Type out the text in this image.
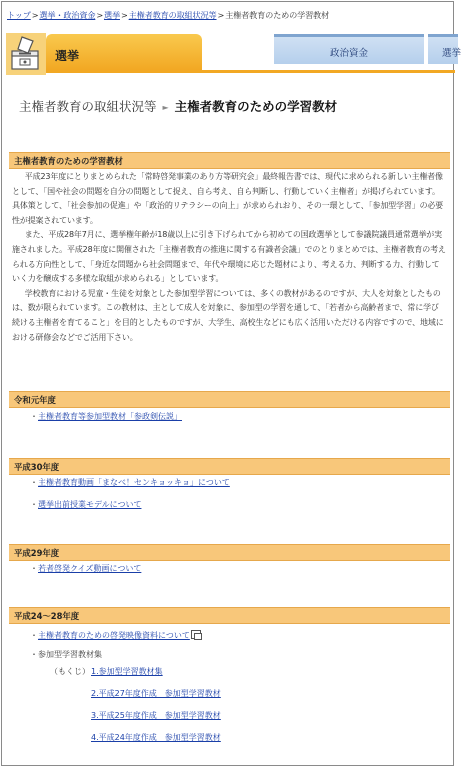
トップ>選挙・政治資金>選挙>主権者教育の取組状況等>主権者教育のための学習教材
選挙	政治資金	選挙
主権者教育の取組状況等 ► 主権者教育のための学習教材
主権者教育のための学習教材

平成23年度にとりまとめられた「常時啓発事業のあり方等研究会」最終報告書では、現代に求められる新しい主権者像として、「国や社会の問題を自分の問題として捉え、自ら考え、自ら判断し、行動していく主権者」が掲げられています。具体策として、「社会参加の促進」や「政治的リテラシーの向上」が求められおり、その一環として、「参加型学習」の必要性が提案されています。

また、平成28年7月に、選挙権年齢が18歳以上に引き下げられてから初めての国政選挙として参議院議員通常選挙が実施されました。平成28年度に開催された「主権者教育の推進に関する有識者会議」でのとりまとめでは、主権者教育の考えられる方向性として、「身近な問題から社会問題まで、年代や環境に応じた題材により、考える力、判断する力、行動していく力を醸成する多様な取組が求められる」としています。

学校教育における児童・生徒を対象とした参加型学習については、多くの教材があるのですが、大人を対象としたものは、数が限られています。この教材は、主として成人を対象に、参加型の学習を通して、「若者から高齢者まで、常に学び続ける主権者を育てること」を目的としたものですが、大学生、高校生などにも広く活用いただける内容ですので、地域における研修会などでご活用下さい。

令和元年度
・主権者教育等参加型教材「参政剣伝説」
平成30年度
・主権者教育動画「まなべ！センキョッキョ」について
・選挙出前授業モデルについて
平成29年度
・若者啓発クイズ動画について
平成24～28年度
・主権者教育のための啓発映像資料について
・参加型学習教材集
（もくじ） 1.参加型学習教材集
2.平成27年度作成　参加型学習教材
3.平成25年度作成　参加型学習教材
4.平成24年度作成　参加型学習教材
